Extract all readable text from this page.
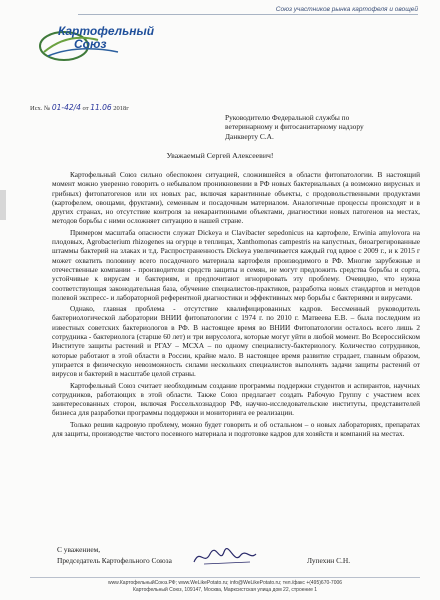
Союз участников рынка картофеля и овощей
Картофельный
Союз
Исх. № 01-42/4 от 11.06 2018г
Руководителю Федеральной службы по
ветеринарному и фитосанитарному надзору
Данкверту С.А.
Уважаемый Сергей Алексеевич!

Картофельный Союз сильно обеспокоен ситуацией, сложившейся в области фитопатологии. В настоящий момент можно уверенно говорить о небывалом проникновении в РФ новых бактериальных (а возможно вирусных и грибных) фитопатогенов или их новых рас, включая карантинные объекты, с продовольственными продуктами (картофелем, овощами, фруктами), семенным и посадочным материалом. Аналогичные процессы происходят и в других странах, но отсутствие контроля за некарантинными объектами, диагностики новых патогенов на местах, методов борьбы с ними осложняет ситуацию в нашей стране.

Примером масштаба опасности служат Dickeya и Clavibacter sepedonicus на картофеле, Erwinia amylovora на плодовых, Agrobacterium rhizogenes на огурце в теплицах, Xanthomonas campestris на капустных, биоагрегированные штаммы бактерий на злаках и т.д. Распространенность Dickeya увеличивается каждый год вдвое с 2009 г., и к 2015 г может охватить половину всего посадочного материала картофеля производимого в РФ. Многие зарубежные и отечественные компании - производители средств защиты и семян, не могут предложить средства борьбы и сорта, устойчивые к вирусам и бактериям, и предпочитают игнорировать эту проблему. Очевидно, что нужна соответствующая законодательная база, обучение специалистов-практиков, разработка новых стандартов и методов полевой экспресс- и лабораторной референтной диагностики и эффективных мер борьбы с бактериями и вирусами.

Однако, главная проблема - отсутствие квалифицированных кадров. Бессменный руководитель бактериологической лаборатории ВНИИ фитопатологии с 1974 г. по 2010 г. Матвеева Е.В. – была последним из известных советских бактериологов в РФ. В настоящее время во ВНИИ Фитопатологии осталось всего лишь 2 сотрудника - бактериолога (старше 60 лет) и три вирусолога, которые могут уйти в любой момент. Во Всероссийском Институте защиты растений и РГАУ – МСХА – по одному специалисту-бактериологу. Количество сотрудников, которые работают в этой области в России, крайне мало. В настоящее время развитие страдает, главным образом, упирается в физическую невозможность силами нескольких специалистов выполнять задачи защиты растений от вирусов и бактерий в масштабе целой страны.

Картофельный Союз считает необходимым создание программы поддержки студентов и аспирантов, научных сотрудников, работающих в этой области. Также Союз предлагает создать Рабочую Группу с участием всех заинтересованных сторон, включая Россельхознадзор РФ, научно-исследовательские институты, представителей бизнеса для разработки программы поддержки и мониторинга ее реализации.

Только решив кадровую проблему, можно будет говорить и об остальном – о новых лабораториях, препаратах для защиты, производстве чистого посевного материала и подготовке кадров для хозяйств и компаний на местах.

С уважением,
Председатель Картофельного Союза	Лупехин С.Н.
www.КартофельныйСоюз.РФ; www.WeLikePotato.ru; info@WeLikePotato.ru; тел./факс +(495)670-7006
Картофельный Союз, 109147, Москва, Марксистская улица дом 22, строение 1
